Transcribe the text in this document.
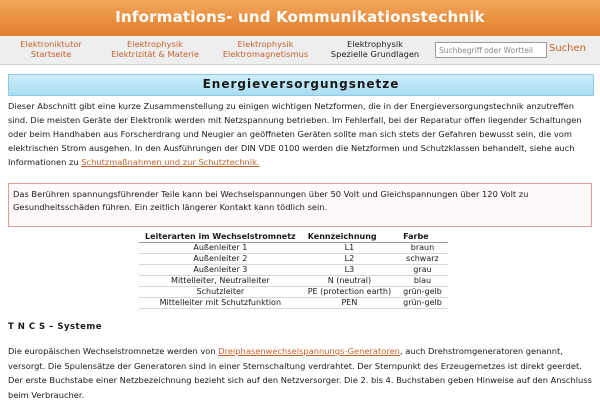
Informations- und Kommunikationstechnik
Elektroniktutor
Startseite
Elektrophysik
Elektrizität & Materie
Elektrophysik
Elektromagnetismus
Elektrophysik
Spezielle Grundlagen
Suchbegriff oder Wortteil	Suchen
Energieversorgungsnetze

Dieser Abschnitt gibt eine kurze Zusammenstellung zu einigen wichtigen Netzformen, die in der Energieversorgungstechnik anzutreffen sind. Die meisten Geräte der Elektronik werden mit Netzspannung betrieben. Im Fehlerfall, bei der Reparatur offen liegender Schaltungen oder beim Handhaben aus Forscherdrang und Neugier an geöffneten Geräten sollte man sich stets der Gefahren bewusst sein, die vom elektrischen Strom ausgehen. In den Ausführungen der DIN VDE 0100 werden die Netzformen und Schutzklassen behandelt, siehe auch Informationen zu Schutzmaßnahmen und zur Schutztechnik.

Das Berühren spannungsführender Teile kann bei Wechselspannungen über 50 Volt und Gleichspannungen über 120 Volt zu Gesundheitsschäden führen. Ein zeitlich längerer Kontakt kann tödlich sein.
Leiterarten im Wechselstromnetz	Kennzeichnung	Farbe
Außenleiter 1	L1	braun
Außenleiter 2	L2	schwarz
Außenleiter 3	L3	grau
Mittelleiter, Neutralleiter	N (neutral)	blau
Schutzleiter	PE (protection earth)	grün-gelb
Mittelleiter mit Schutzfunktion	PEN	grün-gelb
T N C S – Systeme

Die europäischen Wechselstromnetze werden von Dreiphasenwechselspannungs-Generatoren, auch Drehstromgeneratoren genannt, versorgt. Die Spulensätze der Generatoren sind in einer Sternschaltung verdrahtet. Der Sternpunkt des Erzeugernetzes ist direkt geerdet. Der erste Buchstabe einer Netzbezeichnung bezieht sich auf den Netzversorger. Die 2. bis 4. Buchstaben geben Hinweise auf den Anschluss beim Verbraucher.
